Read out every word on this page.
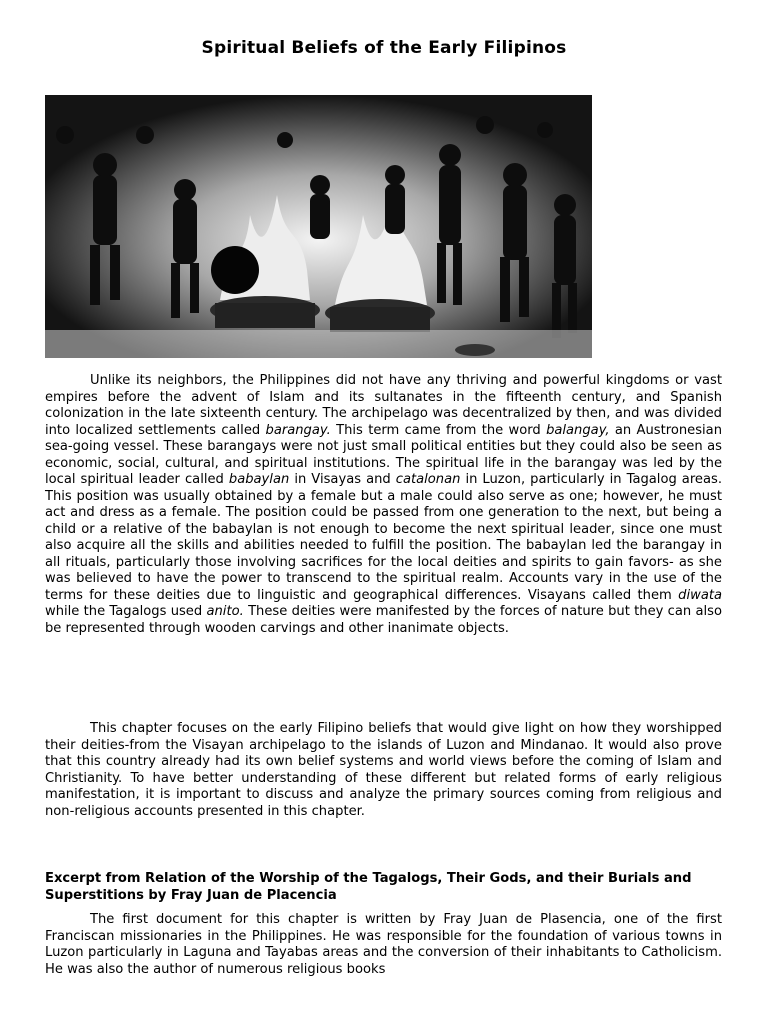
Spiritual Beliefs of the Early Filipinos
Unlike its neighbors, the Philippines did not have any thriving and powerful kingdoms or vast empires before the advent of Islam and its sultanates in the fifteenth century, and Spanish colonization in the late sixteenth century. The archipelago was decentralized by then, and was divided into localized settlements called barangay. This term came from the word balangay, an Austronesian sea-going vessel. These barangays were not just small political entities but they could also be seen as economic, social, cultural, and spiritual institutions. The spiritual life in the barangay was led by the local spiritual leader called babaylan in Visayas and catalonan in Luzon, particularly in Tagalog areas. This position was usually obtained by a female but a male could also serve as one; however, he must act and dress as a female. The position could be passed from one generation to the next, but being a child or a relative of the babaylan is not enough to become the next spiritual leader, since one must also acquire all the skills and abilities needed to fulfill the position. The babaylan led the barangay in all rituals, particularly those involving sacrifices for the local deities and spirits to gain favors- as she was believed to have the power to transcend to the spiritual realm. Accounts vary in the use of the terms for these deities due to linguistic and geographical differences. Visayans called them diwata while the Tagalogs used anito. These deities were manifested by the forces of nature but they can also be represented through wooden carvings and other inanimate objects.
This chapter focuses on the early Filipino beliefs that would give light on how they worshipped their deities-from the Visayan archipelago to the islands of Luzon and Mindanao. It would also prove that this country already had its own belief systems and world views before the coming of Islam and Christianity. To have better understanding of these different but related forms of early religious manifestation, it is important to discuss and analyze the primary sources coming from religious and non-religious accounts presented in this chapter.
Excerpt from Relation of the Worship of the Tagalogs, Their Gods, and their Burials and Superstitions by Fray Juan de Placencia
The first document for this chapter is written by Fray Juan de Plasencia, one of the first Franciscan missionaries in the Philippines. He was responsible for the foundation of various towns in Luzon particularly in Laguna and Tayabas areas and the conversion of their inhabitants to Catholicism. He was also the author of numerous religious books
